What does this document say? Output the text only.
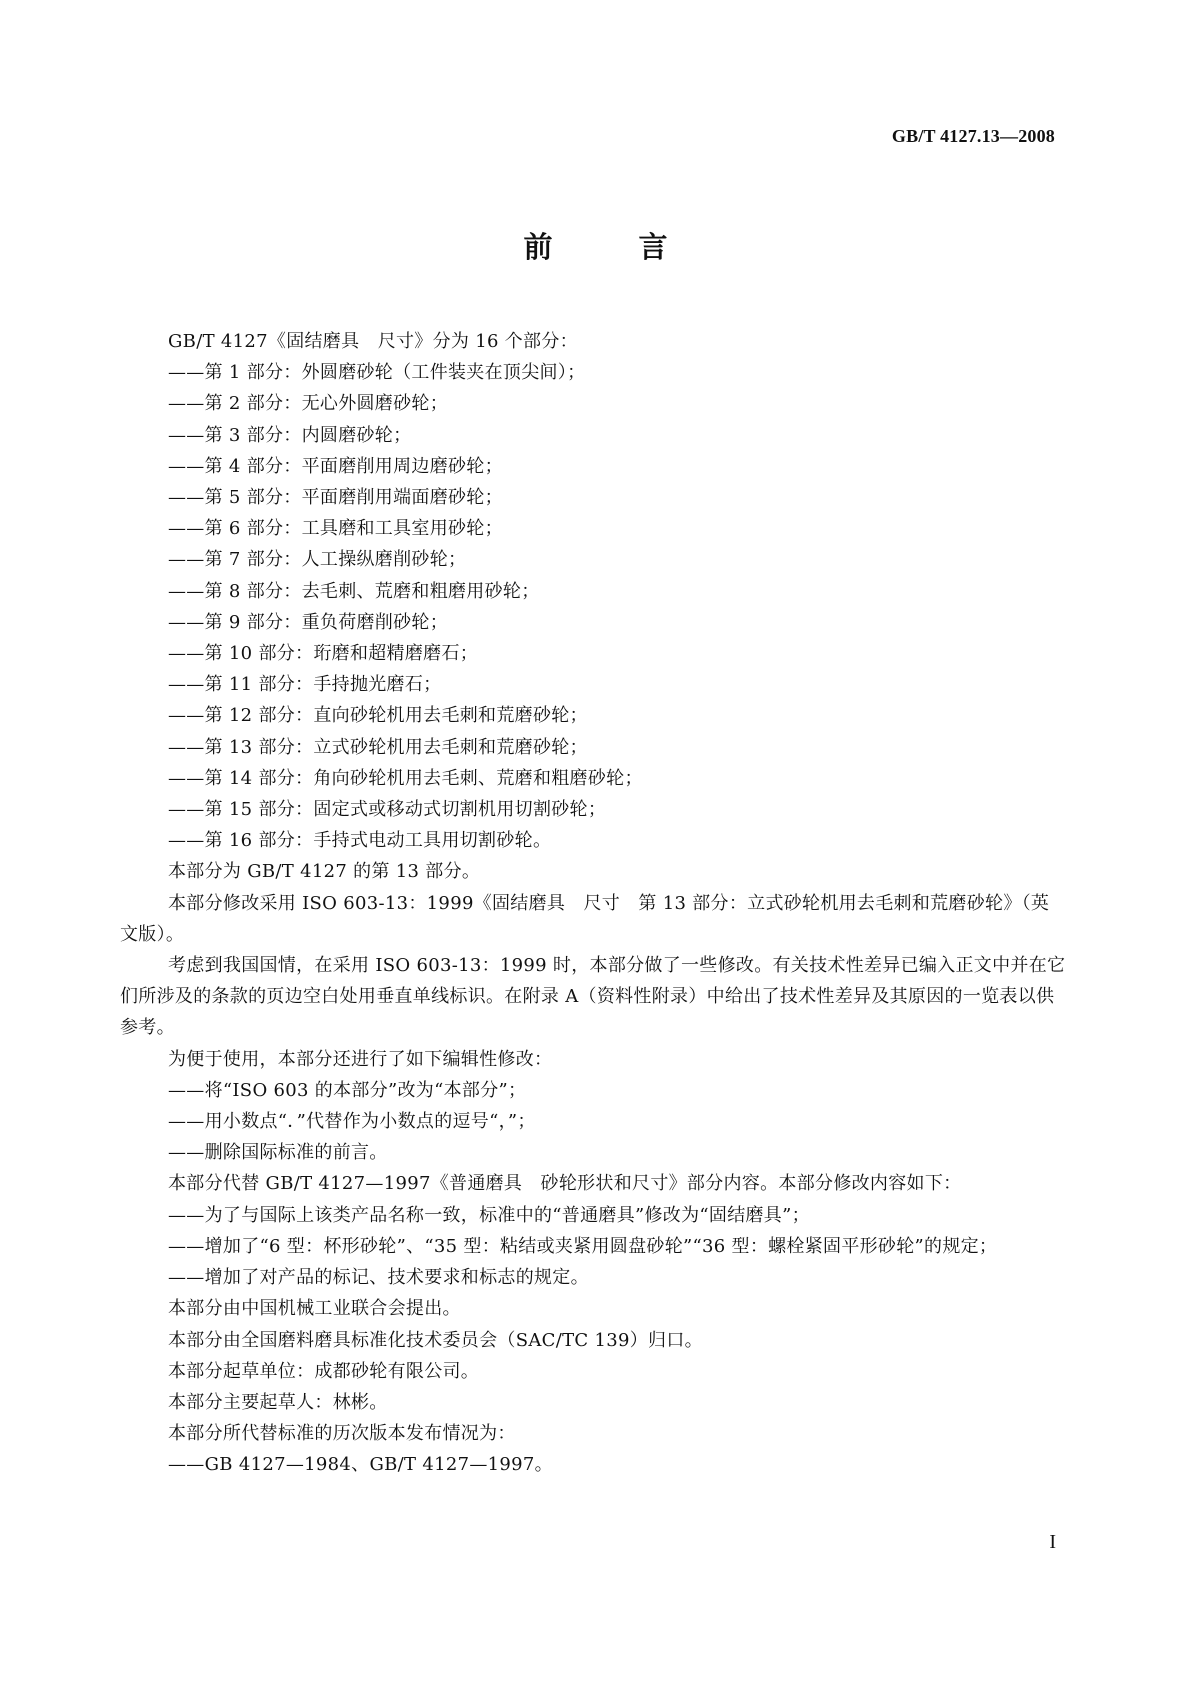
GB/T 4127.13—2008
前 言

GB/T 4127《固结磨具　尺寸》分为 16 个部分：

——第 1 部分：外圆磨砂轮（工件装夹在顶尖间）；

——第 2 部分：无心外圆磨砂轮；

——第 3 部分：内圆磨砂轮；

——第 4 部分：平面磨削用周边磨砂轮；

——第 5 部分：平面磨削用端面磨砂轮；

——第 6 部分：工具磨和工具室用砂轮；

——第 7 部分：人工操纵磨削砂轮；

——第 8 部分：去毛刺、荒磨和粗磨用砂轮；

——第 9 部分：重负荷磨削砂轮；

——第 10 部分：珩磨和超精磨磨石；

——第 11 部分：手持抛光磨石；

——第 12 部分：直向砂轮机用去毛刺和荒磨砂轮；

——第 13 部分：立式砂轮机用去毛刺和荒磨砂轮；

——第 14 部分：角向砂轮机用去毛刺、荒磨和粗磨砂轮；

——第 15 部分：固定式或移动式切割机用切割砂轮；

——第 16 部分：手持式电动工具用切割砂轮。

本部分为 GB/T 4127 的第 13 部分。

本部分修改采用 ISO 603-13：1999《固结磨具　尺寸　第 13 部分：立式砂轮机用去毛刺和荒磨砂轮》（英文版）。

考虑到我国国情，在采用 ISO 603-13：1999 时，本部分做了一些修改。有关技术性差异已编入正文中并在它们所涉及的条款的页边空白处用垂直单线标识。在附录 A（资料性附录）中给出了技术性差异及其原因的一览表以供参考。

为便于使用，本部分还进行了如下编辑性修改：

——将“ISO 603 的本部分”改为“本部分”；

——用小数点“．”代替作为小数点的逗号“，”；

——删除国际标准的前言。

本部分代替 GB/T 4127—1997《普通磨具　砂轮形状和尺寸》部分内容。本部分修改内容如下：

——为了与国际上该类产品名称一致，标准中的“普通磨具”修改为“固结磨具”；

——增加了“6 型：杯形砂轮”、“35 型：粘结或夹紧用圆盘砂轮”“36 型：螺栓紧固平形砂轮”的规定；

——增加了对产品的标记、技术要求和标志的规定。

本部分由中国机械工业联合会提出。

本部分由全国磨料磨具标准化技术委员会（SAC/TC 139）归口。

本部分起草单位：成都砂轮有限公司。

本部分主要起草人：林彬。

本部分所代替标准的历次版本发布情况为：

——GB 4127—1984、GB/T 4127—1997。

I
